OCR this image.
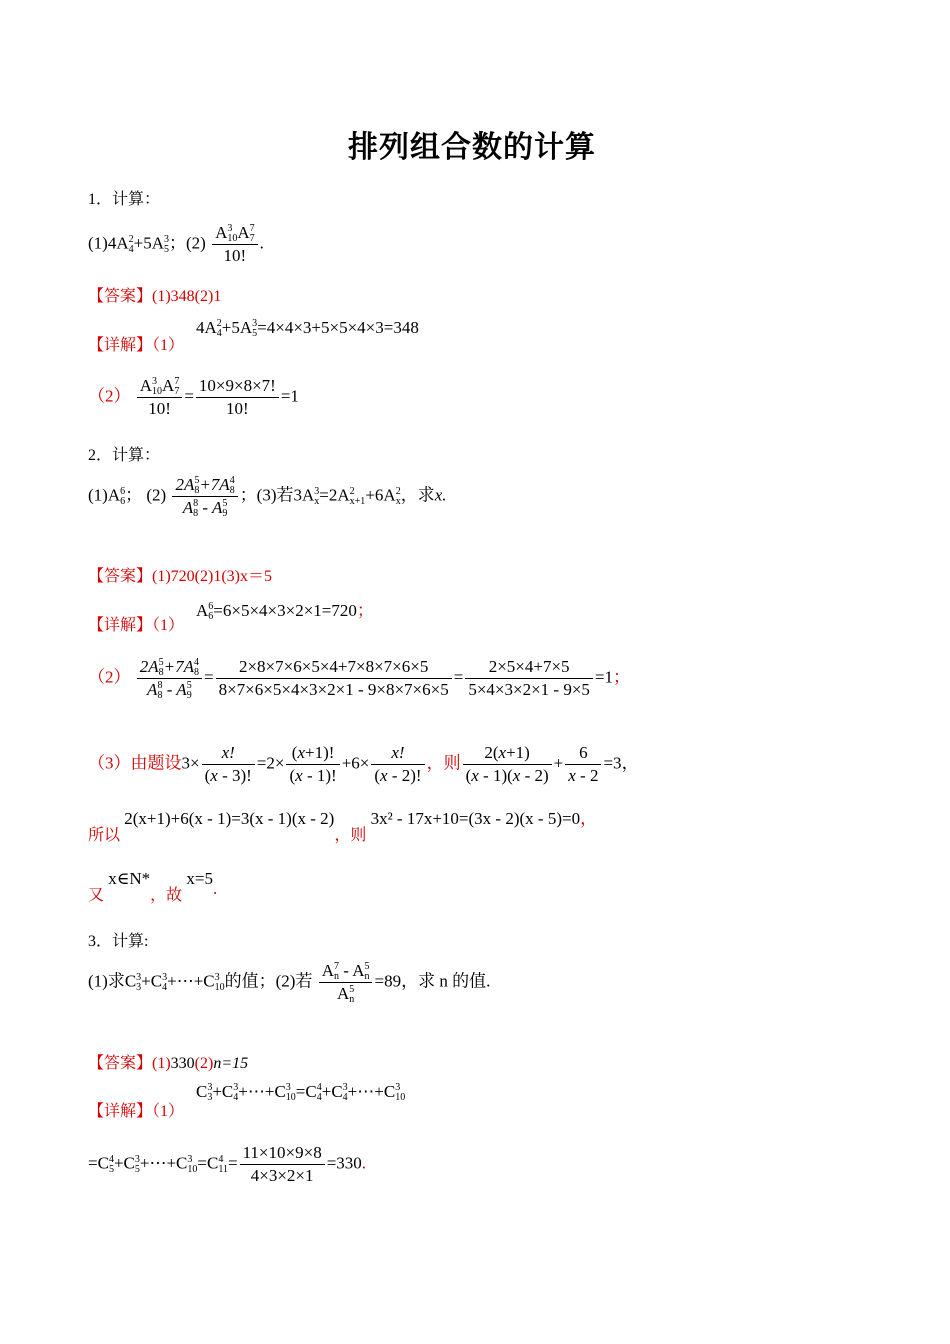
排列组合数的计算
1．计算：
(1)4A 2
4 +5A 3
5 ；(2) A 3
10 A 7
7
10! .
【答案】(1)348(2)1
【详解】（1）
4A 2
4 +5A 3
5 =4×4×3+5×5×4×3=348
（2） A 3
10 A 7
7
10! = $\frac{10\times 9\times 8\times 7!}{10!} =1$
2．计算：
(1)A 6
6 ； (2) 2A 5
8 +7A 4
8
A 8
8 - A 5
9 ；(3)若3A 3
x =2A 2
x+1 +6A 2
x ，求x.
【答案】(1)720(2)1(3)x＝5
【详解】（1）
A 6
6 =6×5×4×3×2×1=720；
（2） 2A 5
8 +7A 4
8
A 8
8 - A 5
$9 = \frac{2\times 8\times 7\times 6\times 5\times 4+7\times 8\times 7\times 6\times 5}{8\times 7\times 6\times 5\times 4\times 3\times 2\times 1 - 9\times 8\times 7\times 6\times 5} = \frac{2\times 5\times 4+7\times 5}{5\times 4\times 3\times 2\times 1 - 9\times 5} =1$；
（3）由题设$3\times \frac{x!}{(x - 3)!} =2\times \frac{(x+1)!}{(x - 1)!} +6\times \frac{x!}{(x - 2)!}$ ，则 $\frac{2(x+1)}{(x - 1)(x - 2)} + \frac{6}{x - 2} =3$，
所以 2(x+1)+6(x - 1)=3(x - 1)(x - 2)，则 3x² - 17x+10=(3x - 2)(x - 5)=0，
又 x∈N*，故 x=5.
3．计算:
(1)求C 3
3 +C 3
4 +⋯+C 3
10 的值；(2)若 A 7
n - A 5
n
A 5
n =89，求 n 的值.
【答案】(1)330(2)n=15
【详解】（1）
C 3
3 +C 3
4 +⋯+C 3
10 =C 4
4 +C 3
4 +⋯+C 3
10
=C 4
5 +C 3
5 +⋯+C 3
10 =C 4
$11 = \frac{11\times 10\times 9\times 8}{4\times 3\times 2\times 1} =330$.
